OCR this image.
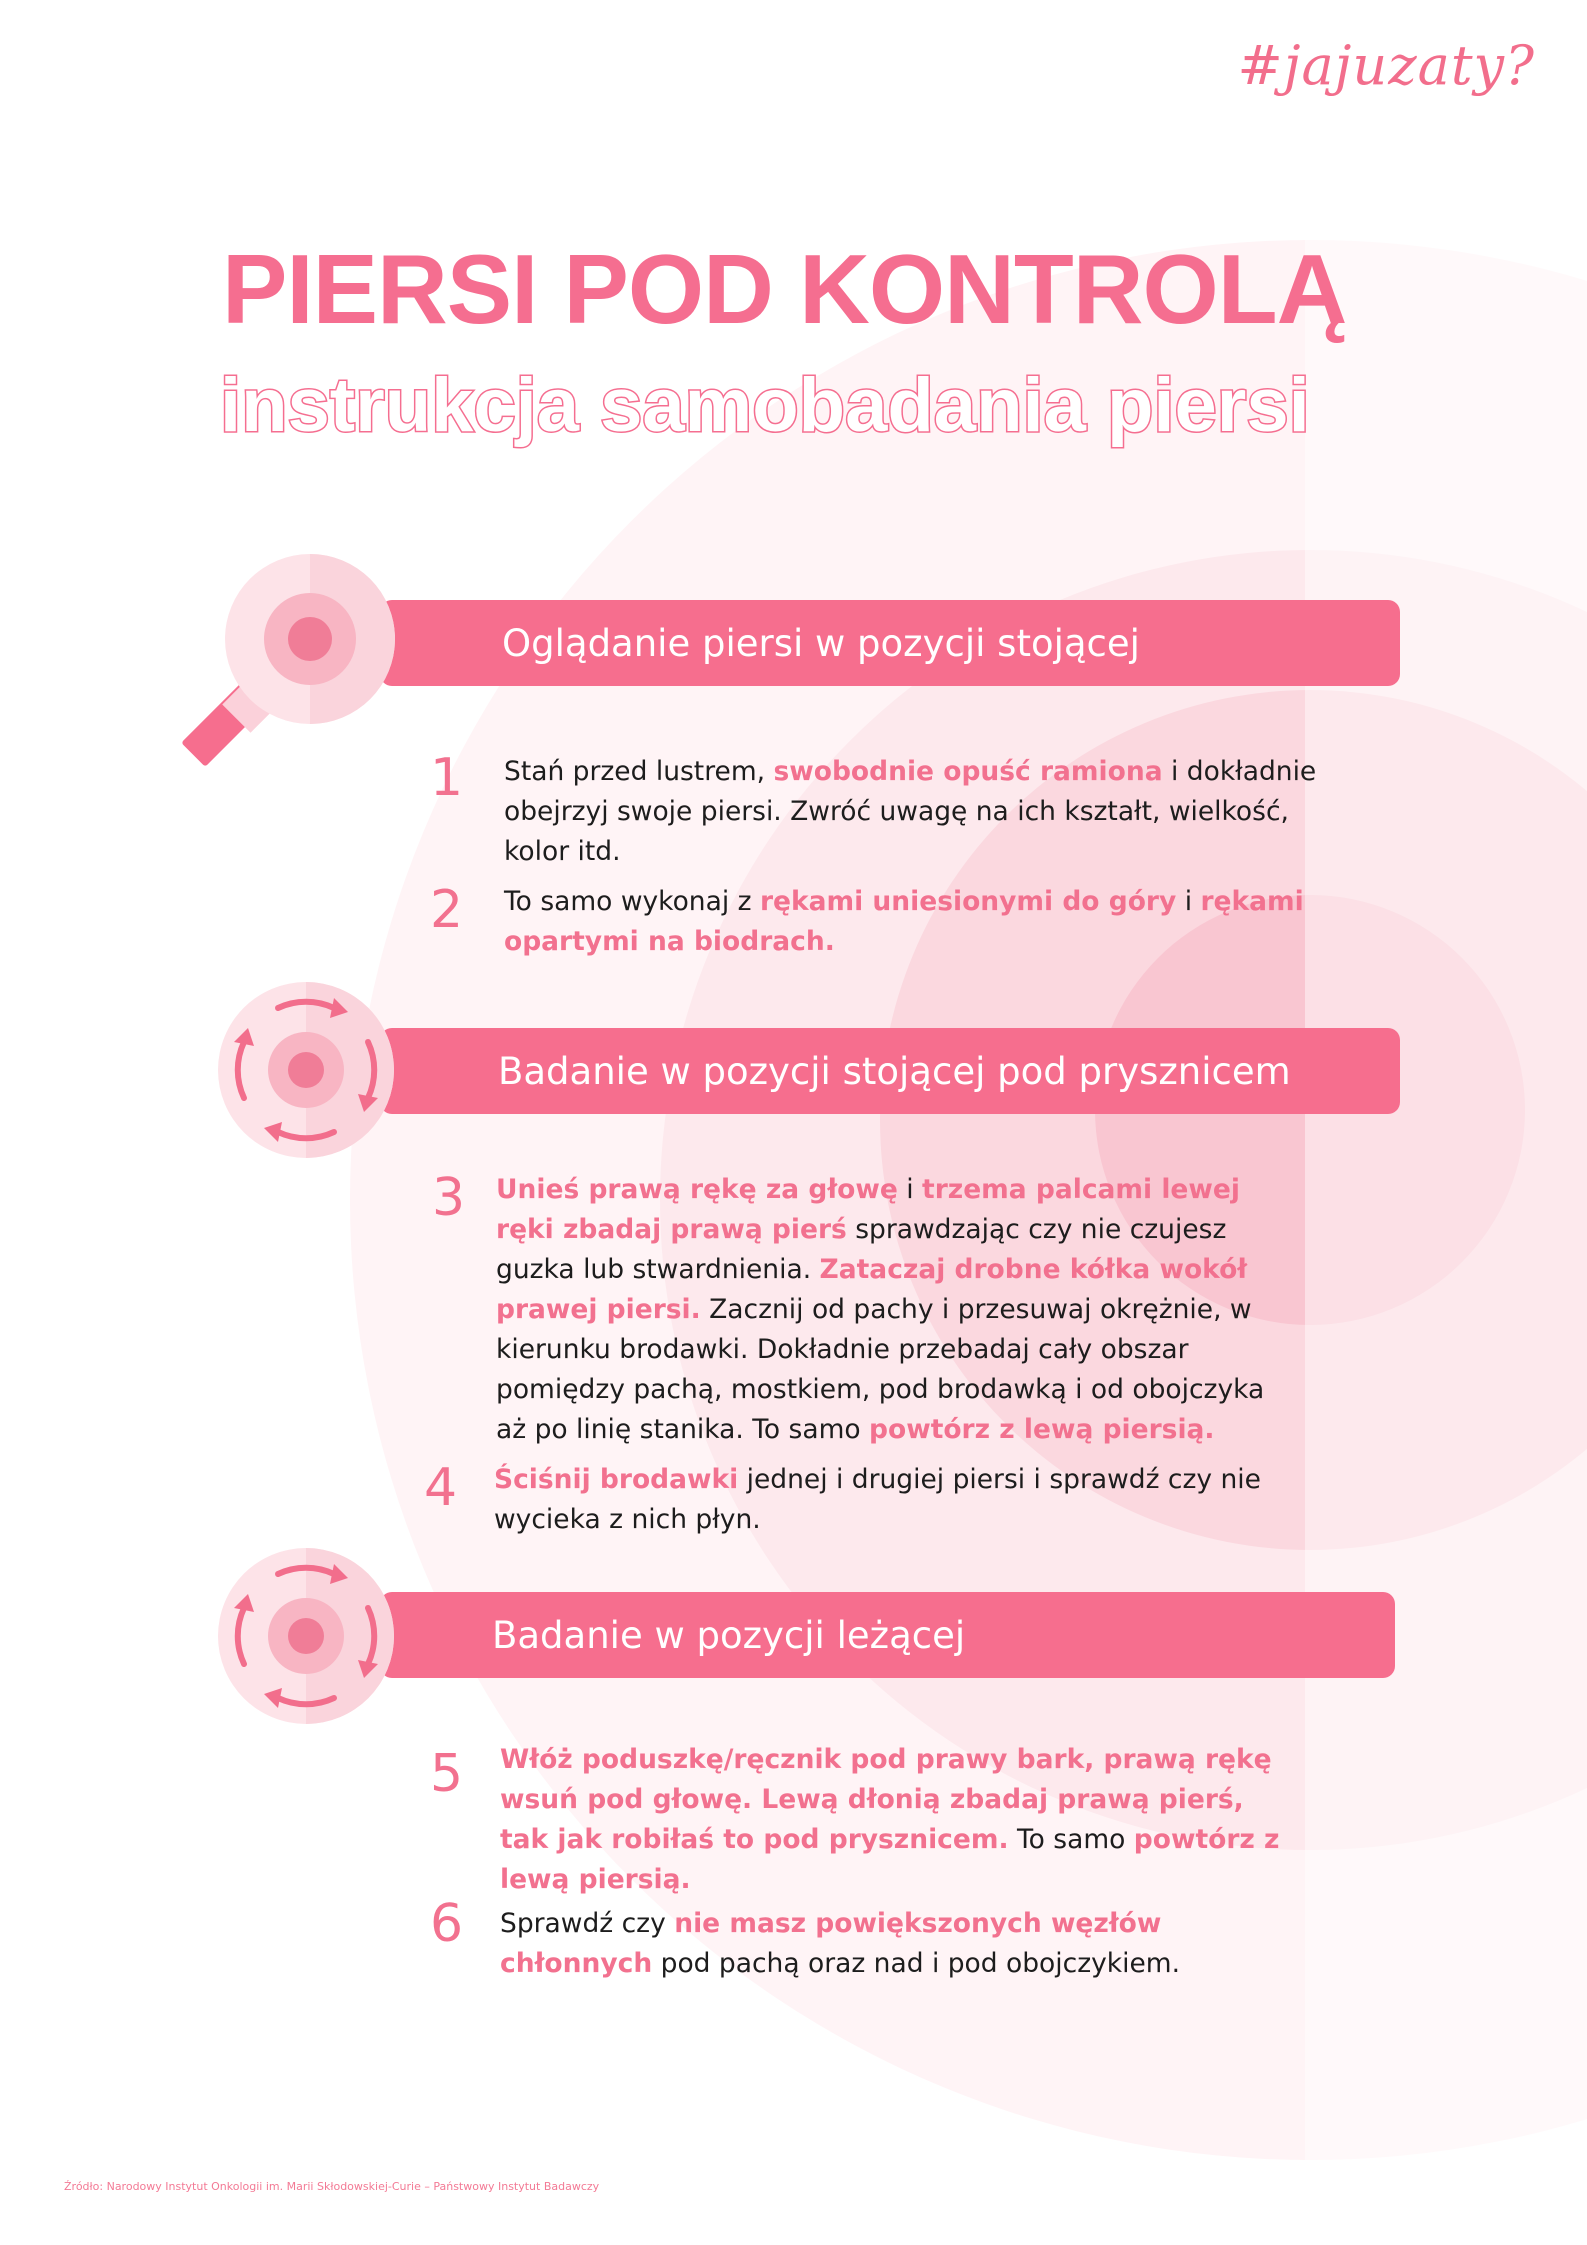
#jajuzaty?
PIERSI POD KONTROLĄ
instrukcja samobadania piersi
Oglądanie piersi w pozycji stojącej
1 Stań przed lustrem, swobodnie opuść ramiona i dokładnie obejrzyj swoje piersi. Zwróć uwagę na ich kształt, wielkość, kolor itd.
2 To samo wykonaj z rękami uniesionymi do góry i rękami opartymi na biodrach.
Badanie w pozycji stojącej pod prysznicem
3 Unieś prawą rękę za głowę i trzema palcami lewej ręki zbadaj prawą pierś sprawdzając czy nie czujesz guzka lub stwardnienia. Zataczaj drobne kółka wokół prawej piersi. Zacznij od pachy i przesuwaj okrężnie, w kierunku brodawki. Dokładnie przebadaj cały obszar pomiędzy pachą, mostkiem, pod brodawką i od obojczyka aż po linię stanika. To samo powtórz z lewą piersią.
4 Ściśnij brodawki jednej i drugiej piersi i sprawdź czy nie wycieka z nich płyn.
Badanie w pozycji leżącej
5 Włóż poduszkę/ręcznik pod prawy bark, prawą rękę wsuń pod głowę. Lewą dłonią zbadaj prawą pierś, tak jak robiłaś to pod prysznicem. To samo powtórz z lewą piersią.
6 Sprawdź czy nie masz powiększonych węzłów chłonnych pod pachą oraz nad i pod obojczykiem.
Źródło: Narodowy Instytut Onkologii im. Marii Skłodowskiej-Curie – Państwowy Instytut Badawczy
